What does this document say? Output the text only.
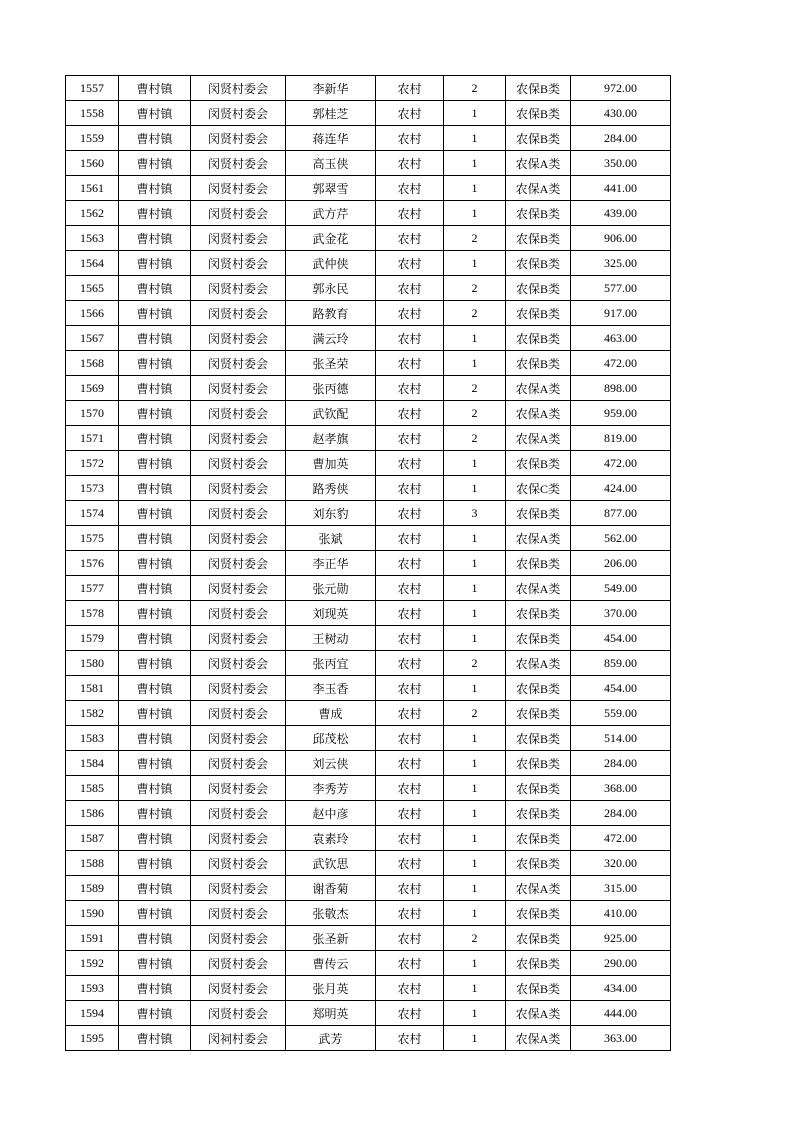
1557	曹村镇	闵贤村委会	李新华	农村	2	农保B类	972.00
1558	曹村镇	闵贤村委会	郭桂芝	农村	1	农保B类	430.00
1559	曹村镇	闵贤村委会	蒋连华	农村	1	农保B类	284.00
1560	曹村镇	闵贤村委会	高玉侠	农村	1	农保A类	350.00
1561	曹村镇	闵贤村委会	郭翠雪	农村	1	农保A类	441.00
1562	曹村镇	闵贤村委会	武方芹	农村	1	农保B类	439.00
1563	曹村镇	闵贤村委会	武金花	农村	2	农保B类	906.00
1564	曹村镇	闵贤村委会	武仲侠	农村	1	农保B类	325.00
1565	曹村镇	闵贤村委会	郭永民	农村	2	农保B类	577.00
1566	曹村镇	闵贤村委会	路教育	农村	2	农保B类	917.00
1567	曹村镇	闵贤村委会	满云玲	农村	1	农保B类	463.00
1568	曹村镇	闵贤村委会	张圣荣	农村	1	农保B类	472.00
1569	曹村镇	闵贤村委会	张丙德	农村	2	农保A类	898.00
1570	曹村镇	闵贤村委会	武钦配	农村	2	农保A类	959.00
1571	曹村镇	闵贤村委会	赵孝旗	农村	2	农保A类	819.00
1572	曹村镇	闵贤村委会	曹加英	农村	1	农保B类	472.00
1573	曹村镇	闵贤村委会	路秀侠	农村	1	农保C类	424.00
1574	曹村镇	闵贤村委会	刘东豹	农村	3	农保B类	877.00
1575	曹村镇	闵贤村委会	张斌	农村	1	农保A类	562.00
1576	曹村镇	闵贤村委会	李正华	农村	1	农保B类	206.00
1577	曹村镇	闵贤村委会	张元勋	农村	1	农保A类	549.00
1578	曹村镇	闵贤村委会	刘现英	农村	1	农保B类	370.00
1579	曹村镇	闵贤村委会	王树动	农村	1	农保B类	454.00
1580	曹村镇	闵贤村委会	张丙宜	农村	2	农保A类	859.00
1581	曹村镇	闵贤村委会	李玉香	农村	1	农保B类	454.00
1582	曹村镇	闵贤村委会	曹成	农村	2	农保B类	559.00
1583	曹村镇	闵贤村委会	邱茂松	农村	1	农保B类	514.00
1584	曹村镇	闵贤村委会	刘云侠	农村	1	农保B类	284.00
1585	曹村镇	闵贤村委会	李秀芳	农村	1	农保B类	368.00
1586	曹村镇	闵贤村委会	赵中彦	农村	1	农保B类	284.00
1587	曹村镇	闵贤村委会	袁素玲	农村	1	农保B类	472.00
1588	曹村镇	闵贤村委会	武钦思	农村	1	农保B类	320.00
1589	曹村镇	闵贤村委会	谢香菊	农村	1	农保A类	315.00
1590	曹村镇	闵贤村委会	张敬杰	农村	1	农保B类	410.00
1591	曹村镇	闵贤村委会	张圣新	农村	2	农保B类	925.00
1592	曹村镇	闵贤村委会	曹传云	农村	1	农保B类	290.00
1593	曹村镇	闵贤村委会	张月英	农村	1	农保B类	434.00
1594	曹村镇	闵贤村委会	郑明英	农村	1	农保A类	444.00
1595	曹村镇	闵祠村委会	武芳	农村	1	农保A类	363.00
